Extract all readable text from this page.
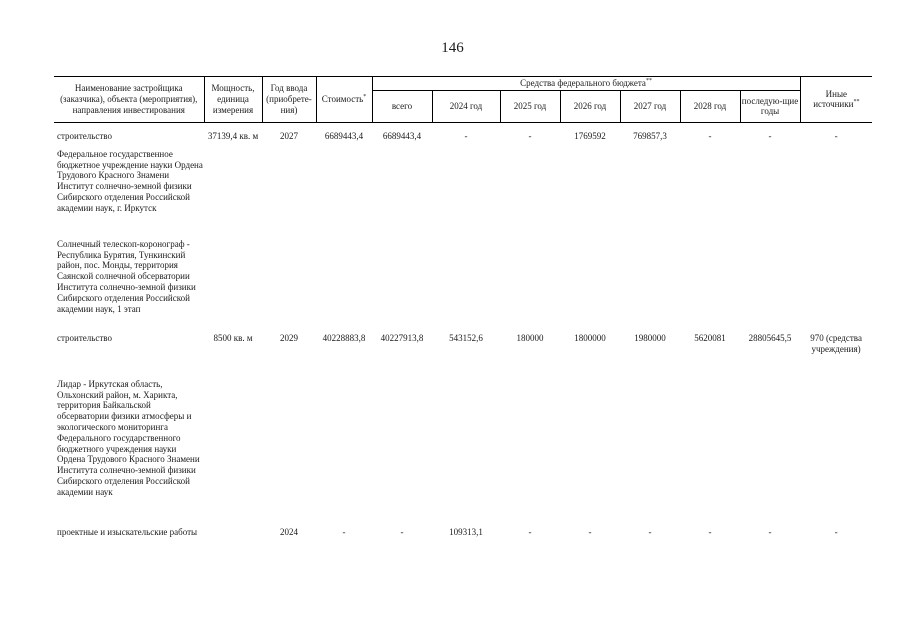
146
Наименование застройщика (заказчика), объекта (мероприятия), направления инвестирования	Мощность, единица измерения	Год ввода (приобрете-ния)	Стоимость*	Средства федерального бюджета**							Иные источники**
				всего	2024 год	2025 год	2026 год	2027 год	2028 год	последую-щие годы	

строительство	37139,4 кв. м	2027	6689443,4	6689443,4	-	-	1769592	769857,3	-	-	-
Федеральное государственное бюджетное учреждение науки Ордена Трудового Красного Знамени Институт солнечно-земной физики Сибирского отделения Российской академии наук, г. Иркутск											
Солнечный телескоп-коронограф - Республика Бурятия, Тункинский район, пос. Монды, территория Саянской солнечной обсерватории Института солнечно-земной физики Сибирского отделения Российской академии наук, 1 этап											
строительство	8500 кв. м	2029	40228883,8	40227913,8	543152,6	180000	1800000	1980000	5620081	28805645,5	970 (средства учреждения)
Лидар - Иркутская область, Ольхонский район, м. Харикта, территория Байкальской обсерватории физики атмосферы и экологического мониторинга Федерального государственного бюджетного учреждения науки Ордена Трудового Красного Знамени Института солнечно-земной физики Сибирского отделения Российской академии наук											
проектные и изыскательские работы		2024	-	-	109313,1	-	-	-	-	-	-
